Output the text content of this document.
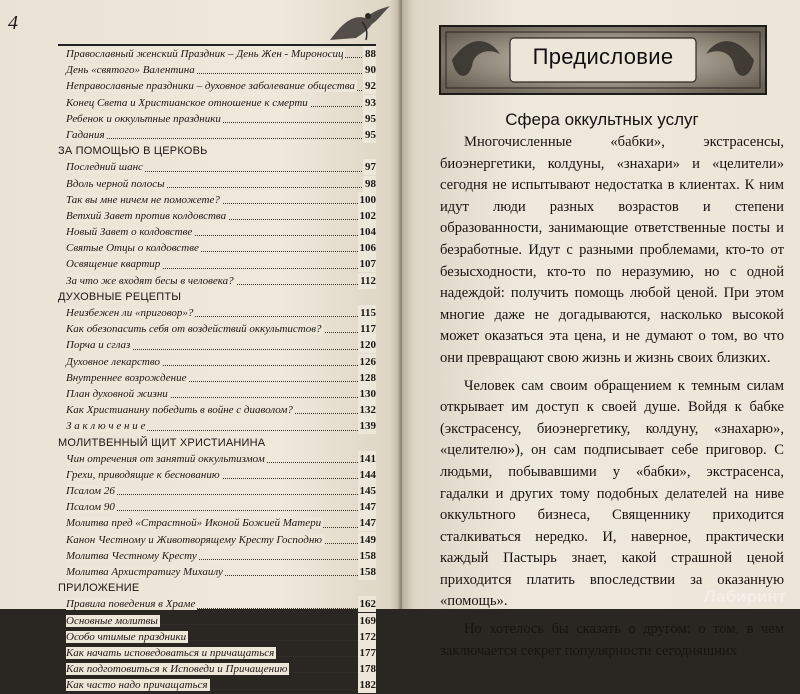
4
Православный женский Праздник – День Жен - Мироносиц 88
День «святого» Валентина	90
Неправославные праздники – духовное заболевание общества 92
Конец Света и Христианское отношение к смерти	93
Ребенок и оккультные праздники	95
Гадания	95
ЗА ПОМОЩЬЮ В ЦЕРКОВЬ
Последний шанс	97
Вдоль черной полосы	98
Так вы мне ничем не поможете?	100
Ветхий Завет против колдовства	102
Новый Завет о колдовстве	104
Святые Отцы о колдовстве	106
Освящение квартир	107
За что же входят бесы в человека?	112
ДУХОВНЫЕ РЕЦЕПТЫ
Неизбежен ли «приговор»?	115
Как обезопасить себя от воздействий оккультистов?	117
Порча и сглаз	120
Духовное лекарство	126
Внутреннее возрождение	128
План духовной жизни	130
Как Христианину победить в войне с диаволом?	132
З а к л ю ч е н и е	139
МОЛИТВЕННЫЙ ЩИТ ХРИСТИАНИНА
Чин отречения от занятий оккультизмом	141
Грехи, приводящие к беснованию	144
Псалом 26	145
Псалом 90	147
Молитва пред «Страстной» Иконой Божией Матери	147
Канон Честному и Животворящему Кресту Господню	149
Молитва Честному Кресту	158
Молитва Архистратигу Михаилу	158
ПРИЛОЖЕНИЕ
Правила поведения в Храме	162
Основные молитвы	169
Особо чтимые праздники	172
Как начать исповедоваться и причащаться	177
Как подготовиться к Исповеди и Причащению	178
Как часто надо причащаться	182
Предисловие
Сфера оккультных услуг

Многочисленные «бабки», экстрасенсы, биоэнергетики, колдуны, «знахари» и «целители» сегодня не испытывают недостатка в клиентах. К ним идут люди разных возрастов и степени образованности, занимающие ответственные посты и безработные. Идут с разными проблемами, кто-то от безысходности, кто-то по неразумию, но с одной надеждой: получить помощь любой ценой. При этом многие даже не догадываются, насколько высокой может оказаться эта цена, и не думают о том, во что они превращают свою жизнь и жизнь своих близких.

Человек сам своим обращением к темным силам открывает им доступ к своей душе. Войдя к бабке (экстрасенсу, биоэнергетику, колдуну, «знахарю», «целителю»), он сам подписывает себе приговор. С людьми, побывавшими у «бабки», экстрасенса, гадалки и других тому подобных делателей на ниве оккультного бизнеса, Священнику приходится сталкиваться нередко. И, наверное, практически каждый Пастырь знает, какой страшной ценой приходится платить впоследствии за оказанную «помощь».

Но хотелось бы сказать о другом: о том, в чем заключается секрет популярности сегодняшних

Лабиринт
